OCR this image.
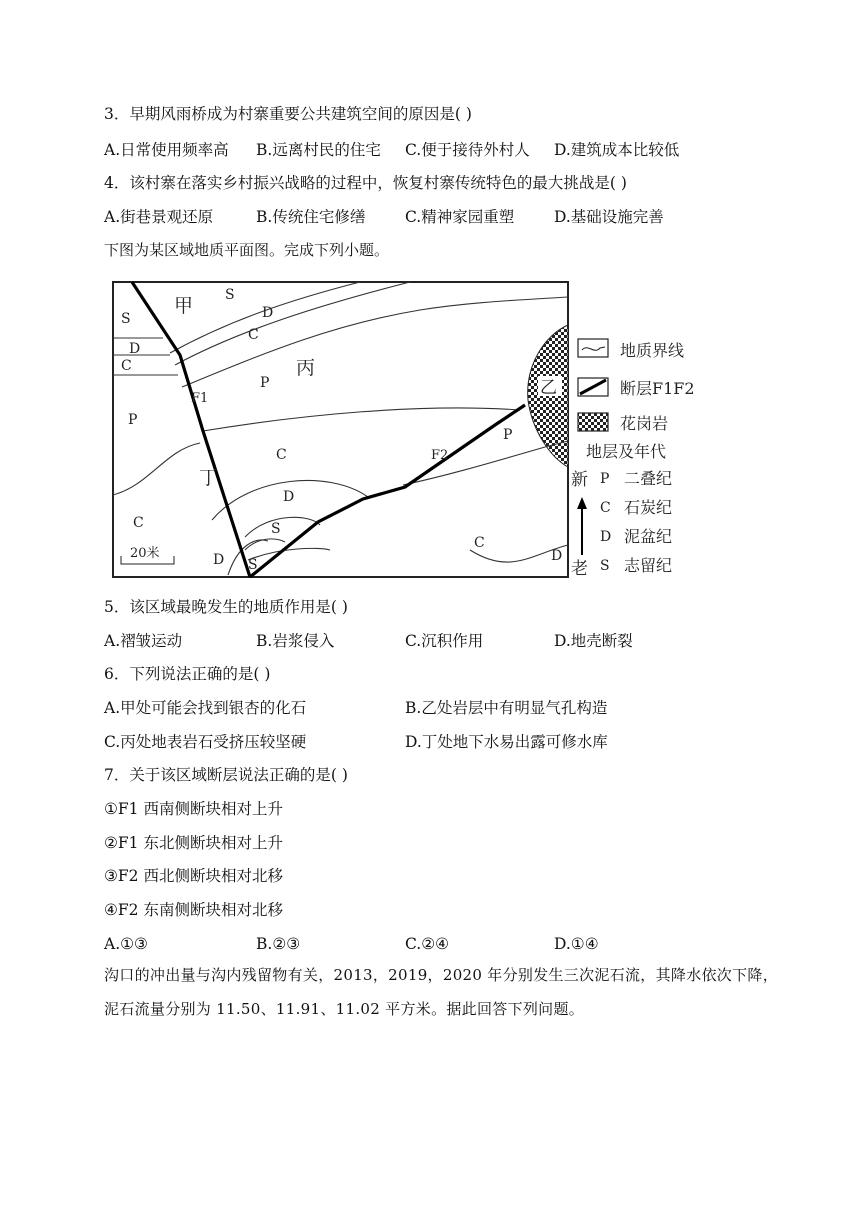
3．早期风雨桥成为村寨重要公共建筑空间的原因是( )
A.日常使用频率高 B.远离村民的住宅 C.便于接待外村人 D.建筑成本比较低
4．该村寨在落实乡村振兴战略的过程中，恢复村寨传统特色的最大挑战是( )
A.街巷景观还原	B.传统住宅修缮	C.精神家园重塑	D.基础设施完善
下图为某区域地质平面图。完成下列小题。
20米
甲
乙
丙
丁
F1
F2
S
S	D
C
D
C
P
P
C
P
D
C	S
D S
C
D
地质界线
断层F1F2
花岗岩
地层及年代
新
老
P 二叠纪
C 石炭纪
D 泥盆纪
S 志留纪
5．该区域最晚发生的地质作用是( )
A.褶皱运动	B.岩浆侵入	C.沉积作用	D.地壳断裂
6．下列说法正确的是( )
A.甲处可能会找到银杏的化石	B.乙处岩层中有明显气孔构造
C.丙处地表岩石受挤压较坚硬	D.丁处地下水易出露可修水库
7．关于该区域断层说法正确的是( )
①F1 西南侧断块相对上升
②F1 东北侧断块相对上升
③F2 西北侧断块相对北移
④F2 东南侧断块相对北移
A.①③	B.②③	C.②④	D.①④
沟口的冲出量与沟内残留物有关，2013，2019，2020 年分别发生三次泥石流，其降水依次下降，泥石流量分别为 11.50、11.91、11.02 平方米。据此回答下列问题。
